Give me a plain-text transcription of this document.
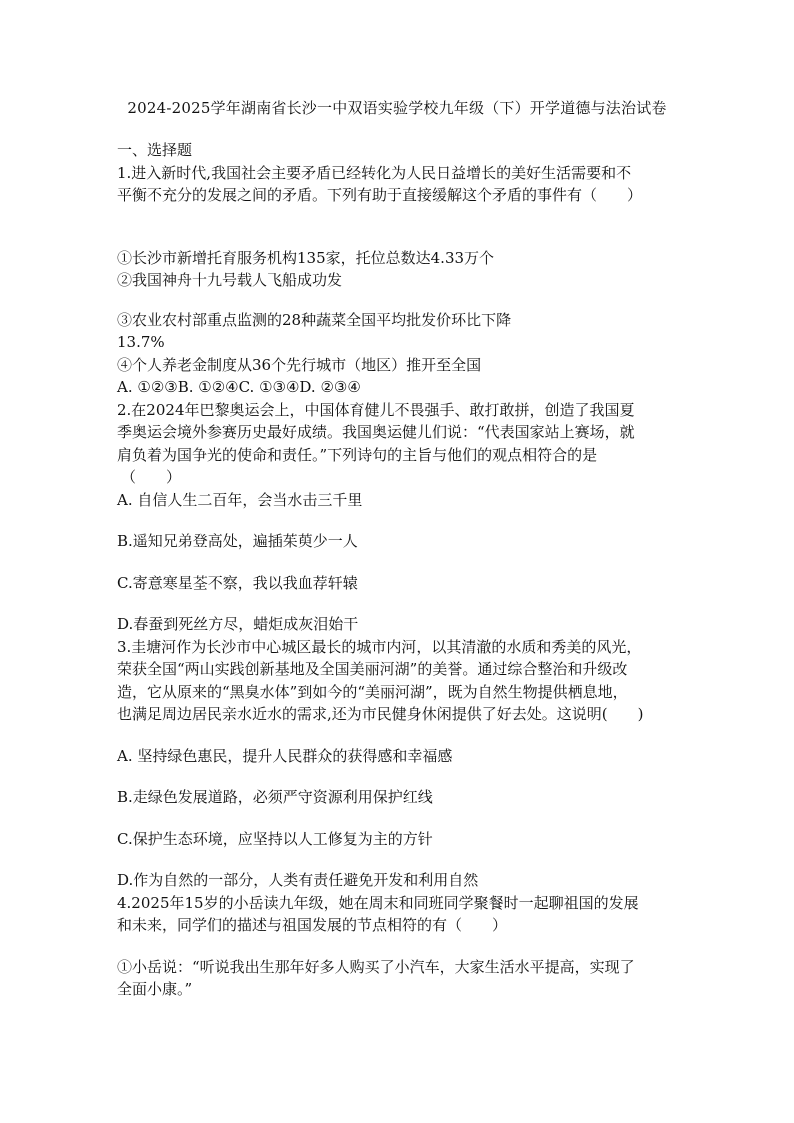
2024-2025学年湖南省长沙一中双语实验学校九年级（下）开学道德与法治试卷

一、选择题

1.进入新时代,我国社会主要矛盾已经转化为人民日益增长的美好生活需要和不

平衡不充分的发展之间的矛盾。下列有助于直接缓解这个矛盾的事件有（　　）

①长沙市新增托育服务机构135家，托位总数达4.33万个

②我国神舟十九号载人飞船成功发

③农业农村部重点监测的28种蔬菜全国平均批发价环比下降

13.7%

④个人养老金制度从36个先行城市（地区）推开至全国

A. ①②③B. ①②④C. ①③④D. ②③④

2.在2024年巴黎奥运会上，中国体育健儿不畏强手、敢打敢拼，创造了我国夏

季奥运会境外参赛历史最好成绩。我国奥运健儿们说：“代表国家站上赛场，就

肩负着为国争光的使命和责任。”下列诗句的主旨与他们的观点相符合的是

（　　）

A. 自信人生二百年，会当水击三千里

B.遥知兄弟登高处，遍插茱萸少一人

C.寄意寒星荃不察，我以我血荐轩辕

D.春蚕到死丝方尽，蜡炬成灰泪始干

3.圭塘河作为长沙市中心城区最长的城市内河，以其清澈的水质和秀美的风光，

荣获全国“两山实践创新基地及全国美丽河湖”的美誉。通过综合整治和升级改

造，它从原来的“黑臭水体”到如今的“美丽河湖”，既为自然生物提供栖息地，

也满足周边居民亲水近水的需求,还为市民健身休闲提供了好去处。这说明(　　)

A. 坚持绿色惠民，提升人民群众的获得感和幸福感

B.走绿色发展道路，必须严守资源利用保护红线

C.保护生态环境，应坚持以人工修复为主的方针

D.作为自然的一部分，人类有责任避免开发和利用自然

4.2025年15岁的小岳读九年级，她在周末和同班同学聚餐时一起聊祖国的发展

和未来，同学们的描述与祖国发展的节点相符的有（　　）

①小岳说：“听说我出生那年好多人购买了小汽车，大家生活水平提高，实现了

全面小康。”
